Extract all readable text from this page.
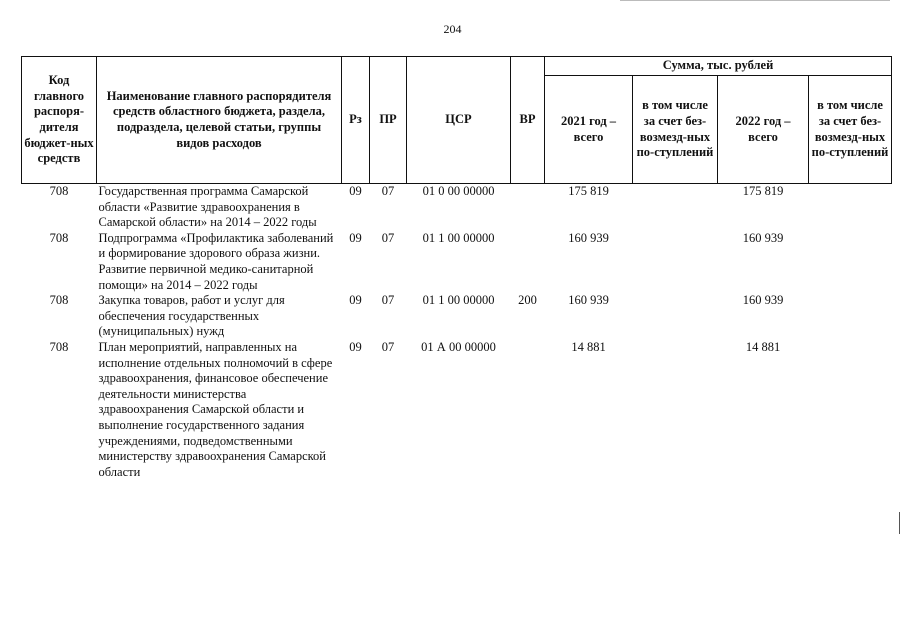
204
Код главного распоря-дителя бюджет-ных средств	Наименование главного распорядителя средств областного бюджета, раздела, подраздела, целевой статьи, группы видов расходов	Рз	ПР	ЦСР	ВР	Сумма, тыс. рублей			
						2021 год – всего	в том числе за счет без-возмезд-ных по-ступлений	2022 год – всего	в том числе за счет без-возмезд-ных по-ступлений
708	Государственная программа Самарской области «Развитие здравоохранения в Самарской области» на 2014 – 2022 годы	09	07	01 0 00 00000		175 819		175 819	
708	Подпрограмма «Профилактика заболеваний и формирование здорового образа жизни. Развитие первичной медико-санитарной помощи» на 2014 – 2022 годы	09	07	01 1 00 00000		160 939		160 939	
708	Закупка товаров, работ и услуг для обеспечения государственных (муниципальных) нужд	09	07	01 1 00 00000	200	160 939		160 939	
708	План мероприятий, направленных на исполнение отдельных полномочий в сфере здравоохранения, финансовое обеспечение деятельности министерства здравоохранения Самарской области и выполнение государственного задания учреждениями, подведомственными министерству здравоохранения Самарской области	09	07	01 А 00 00000		14 881		14 881	
